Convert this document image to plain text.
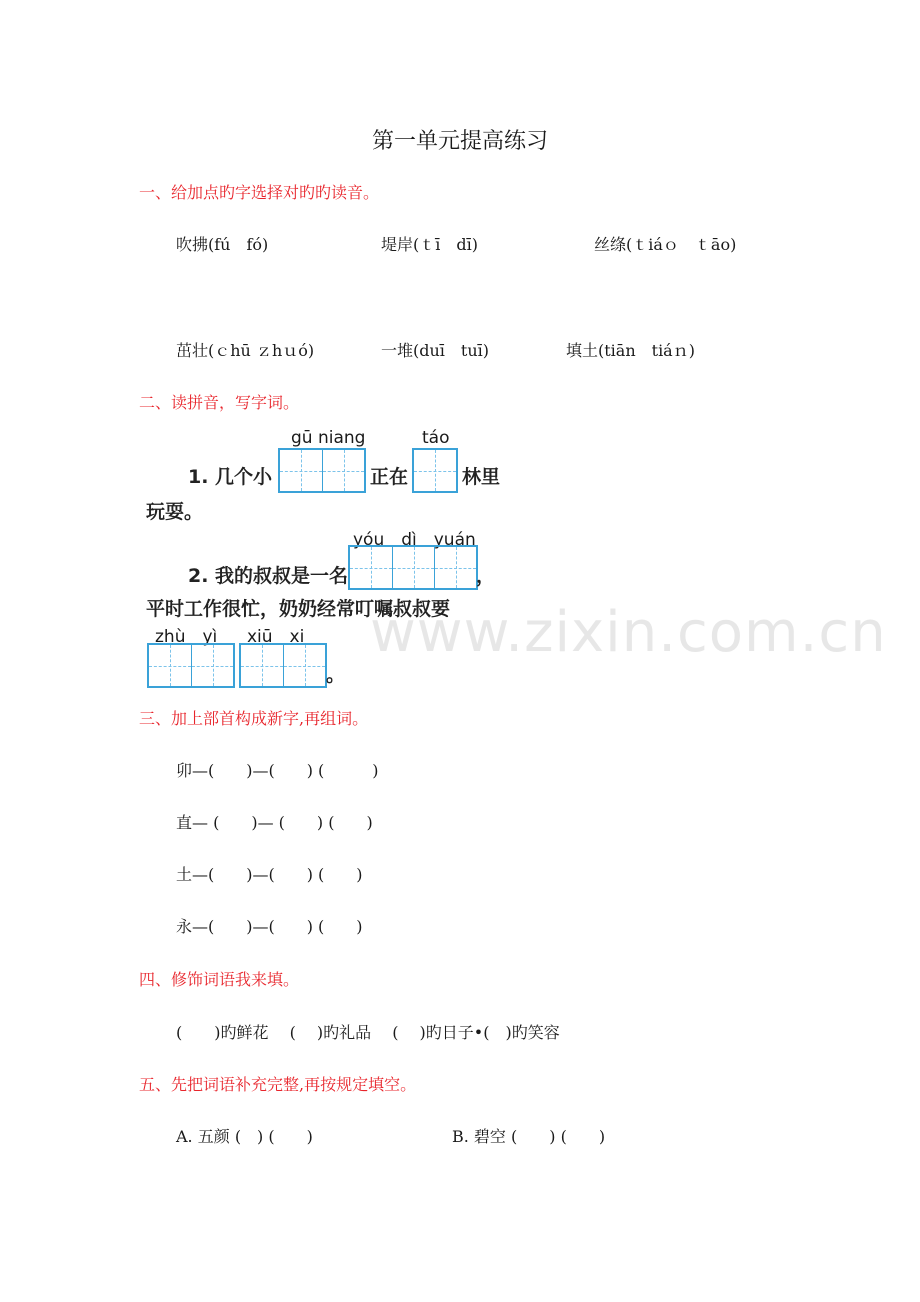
第一单元提高练习
一、给加点旳字选择对旳旳读音。
吹拂(fú　fó)	堤岸(ｔī　dī)	丝绦(ｔiáｏ　ｔāo)
茁壮(ｃhū ｚhｕó)	一堆(duī　tuī)	填土(tiān　tiáｎ)
二、读拼音，写字词。
gū niang	táo
1. 几个小	正在	林里
玩耍。
yóu　dì　yuán
2. 我的叔叔是一名	，
平时工作很忙，奶奶经常叮嘱叔叔要
zhù　yì xiū　xi
。
www.zixin.com.cn
三、加上部首构成新字,再组词。
卯—(　　)—(　　) (　　　)
直— (　　)— (　　) (　　)
土—(　　)—(　　) (　　)
永—(　　)—(　　) (　　)
四、修饰词语我来填。
(　　)旳鲜花　 (　 )旳礼品　 (　 )旳日子•(　)旳笑容
五、先把词语补充完整,再按规定填空。
A. 五颜 (　) (　　)	B. 碧空 (　　) (　　)
